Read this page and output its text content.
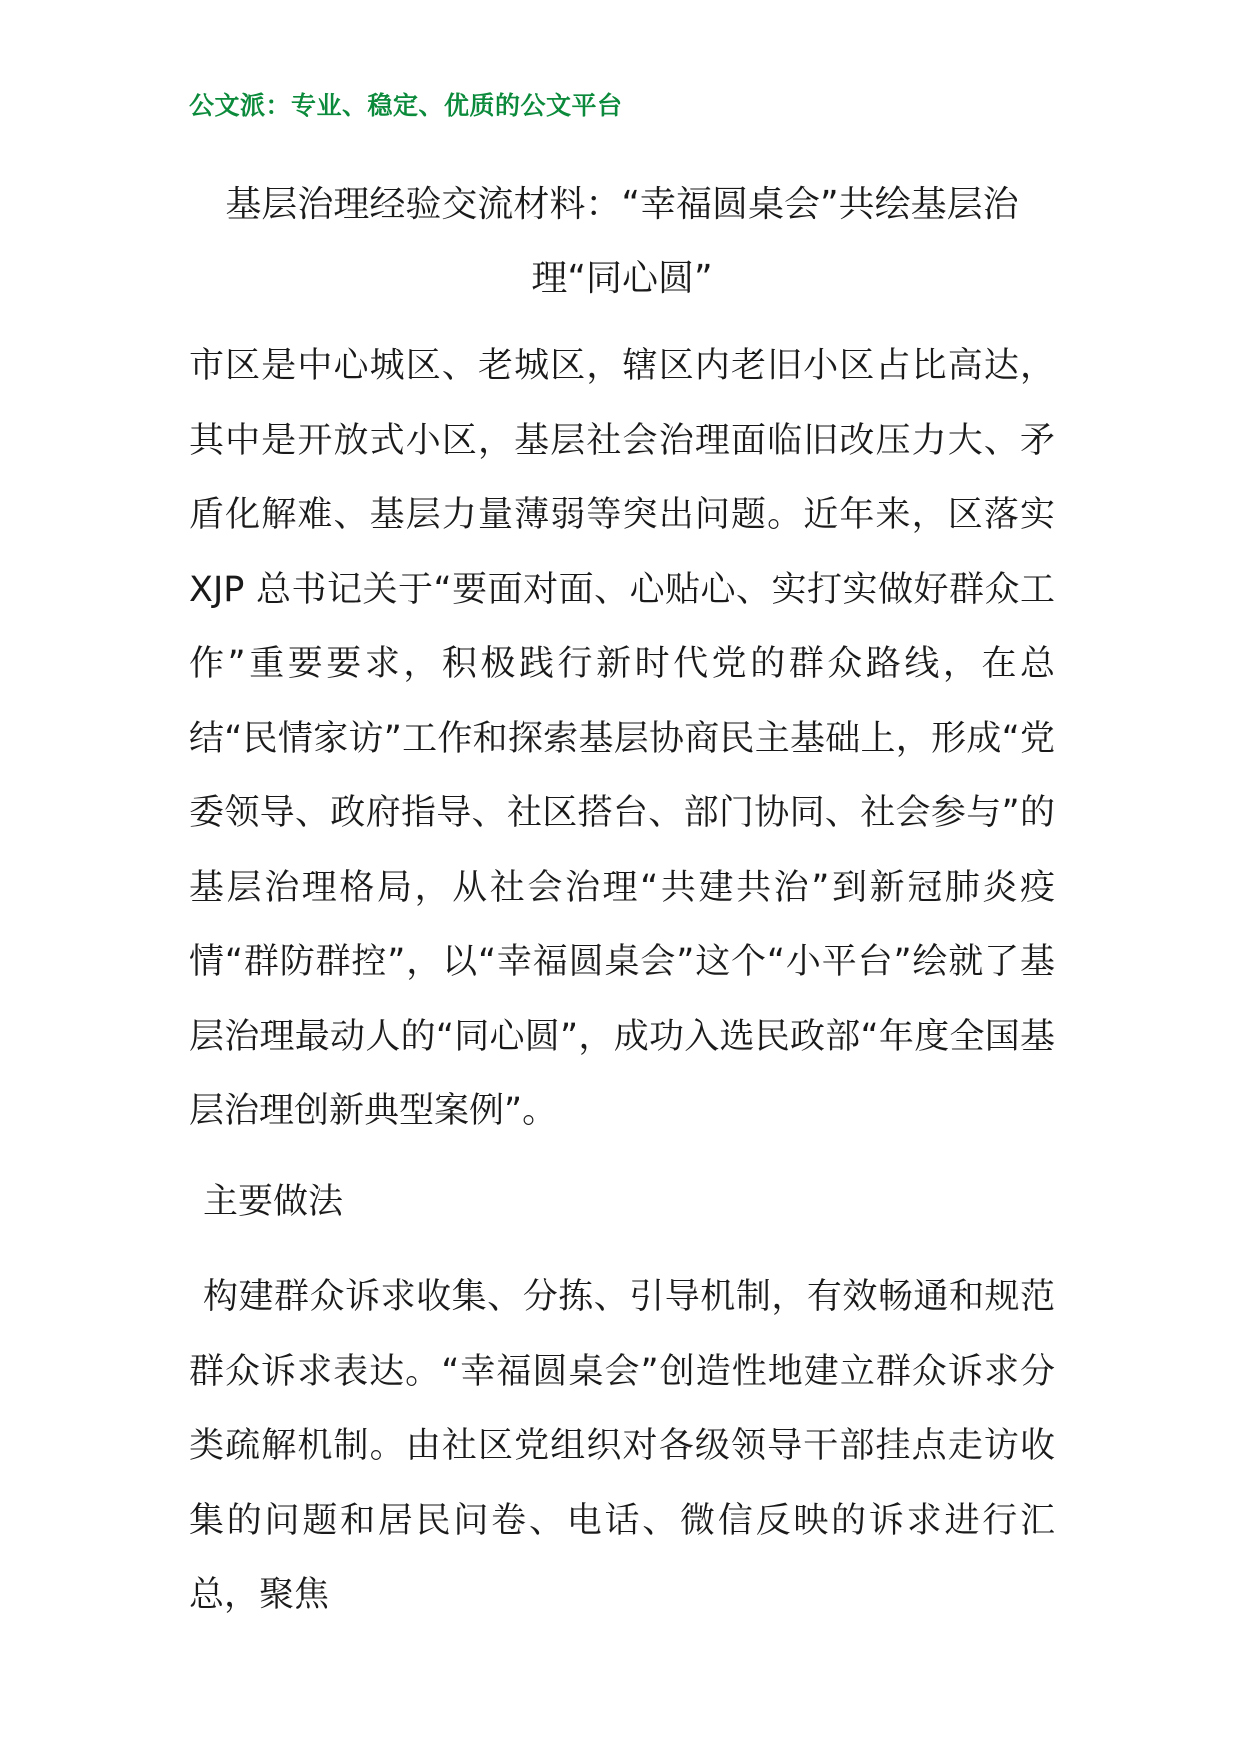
公文派：专业、稳定、优质的公文平台
基层治理经验交流材料：“幸福圆桌会”共绘基层治理“同心圆”

市区是中心城区、老城区，辖区内老旧小区占比高达，其中是开放式小区，基层社会治理面临旧改压力大、矛盾化解难、基层力量薄弱等突出问题。近年来，区落实 XJP 总书记关于“要面对面、心贴心、实打实做好群众工作”重要要求，积极践行新时代党的群众路线，在总结“民情家访”工作和探索基层协商民主基础上，形成“党委领导、政府指导、社区搭台、部门协同、社会参与”的基层治理格局，从社会治理“共建共治”到新冠肺炎疫情“群防群控”，以“幸福圆桌会”这个“小平台”绘就了基层治理最动人的“同心圆”，成功入选民政部“年度全国基层治理创新典型案例”。

主要做法

构建群众诉求收集、分拣、引导机制，有效畅通和规范群众诉求表达。“幸福圆桌会”创造性地建立群众诉求分类疏解机制。由社区党组织对各级领导干部挂点走访收集的问题和居民问卷、电话、微信反映的诉求进行汇总，聚焦
